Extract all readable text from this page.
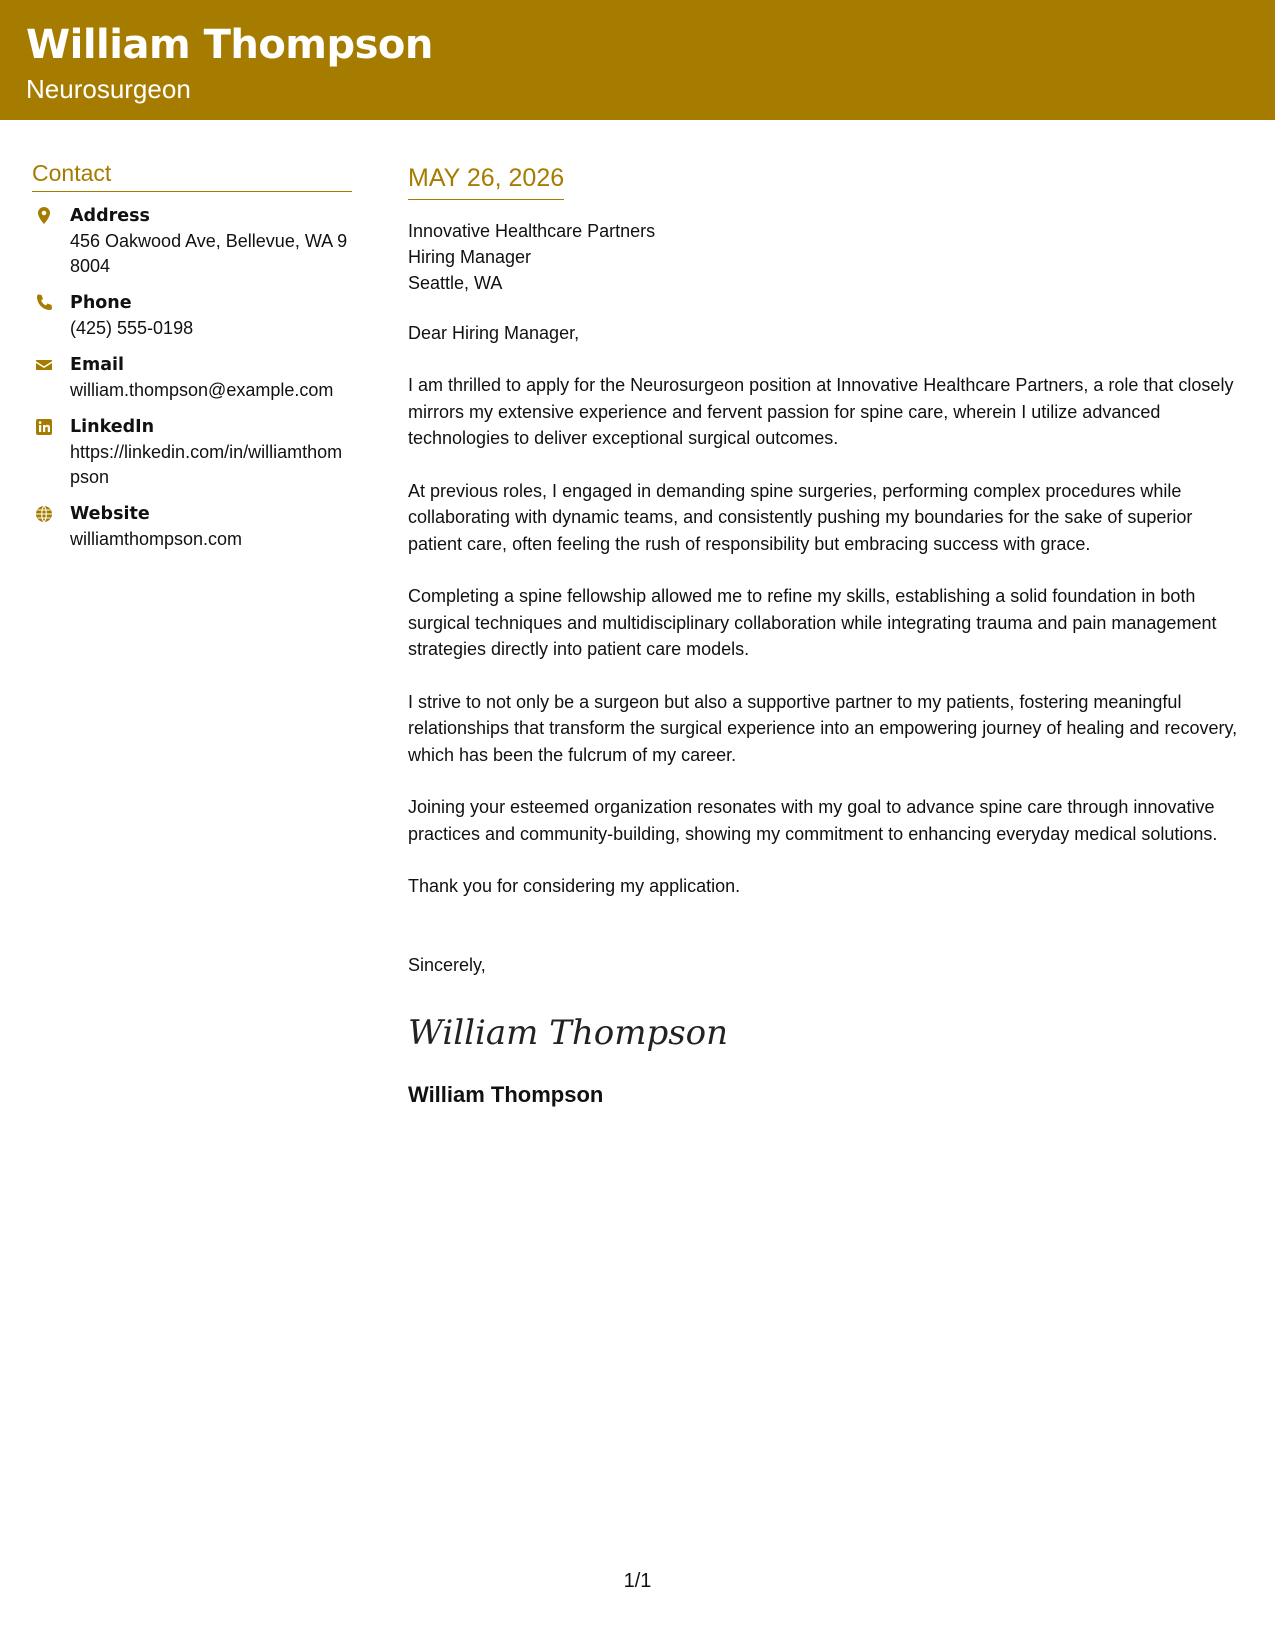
William Thompson
Neurosurgeon
Contact
Address
456 Oakwood Ave, Bellevue, WA 98004
Phone
(425) 555-0198
Email
william.thompson@example.com
LinkedIn
https://linkedin.com/in/williamthompson
Website
williamthompson.com
MAY 26, 2026
Innovative Healthcare Partners
Hiring Manager
Seattle, WA
Dear Hiring Manager,
I am thrilled to apply for the Neurosurgeon position at Innovative Healthcare Partners, a role that closely mirrors my extensive experience and fervent passion for spine care, wherein I utilize advanced technologies to deliver exceptional surgical outcomes.
At previous roles, I engaged in demanding spine surgeries, performing complex procedures while collaborating with dynamic teams, and consistently pushing my boundaries for the sake of superior patient care, often feeling the rush of responsibility but embracing success with grace.
Completing a spine fellowship allowed me to refine my skills, establishing a solid foundation in both surgical techniques and multidisciplinary collaboration while integrating trauma and pain management strategies directly into patient care models.
I strive to not only be a surgeon but also a supportive partner to my patients, fostering meaningful relationships that transform the surgical experience into an empowering journey of healing and recovery, which has been the fulcrum of my career.
Joining your esteemed organization resonates with my goal to advance spine care through innovative practices and community-building, showing my commitment to enhancing everyday medical solutions.
Thank you for considering my application.
Sincerely,
William Thompson
William Thompson
1/1
